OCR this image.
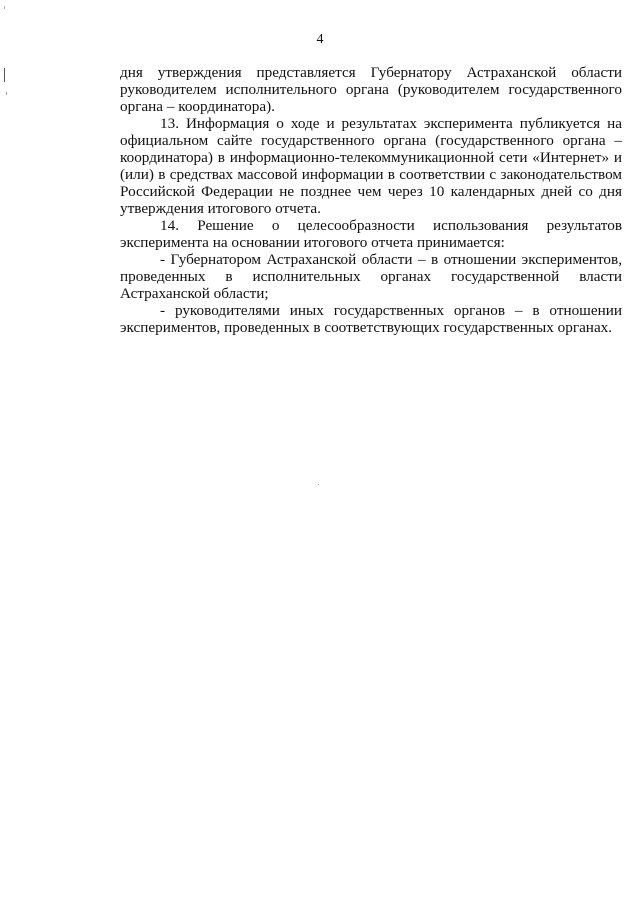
4

дня утверждения представляется Губернатору Астраханской области руководителем исполнительного органа (руководителем государственного органа – координатора).

13. Информация о ходе и результатах эксперимента публикуется на официальном сайте государственного органа (государственного органа – координатора) в информационно-телекоммуникационной сети «Интернет» и (или) в средствах массовой информации в соответствии с законодательством Российской Федерации не позднее чем через 10 календарных дней со дня утверждения итогового отчета.

14. Решение о целесообразности использования результатов эксперимента на основании итогового отчета принимается:

- Губернатором Астраханской области – в отношении экспериментов, проведенных в исполнительных органах государственной власти Астраханской области;

- руководителями иных государственных органов – в отношении экспериментов, проведенных в соответствующих государственных органах.
